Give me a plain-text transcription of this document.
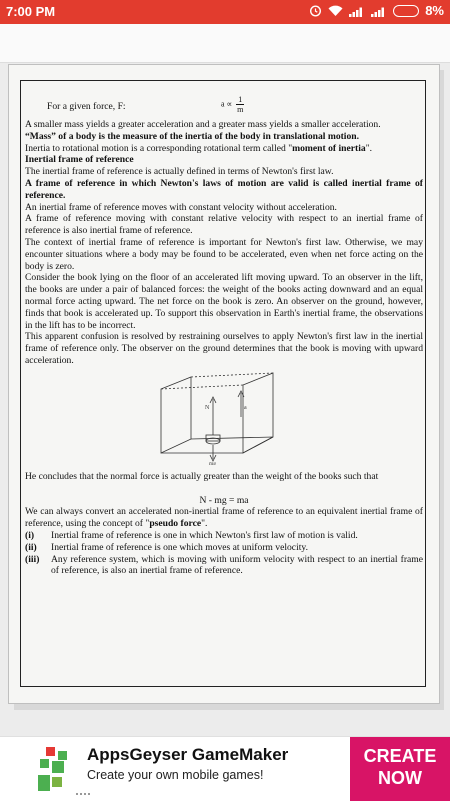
7:00 PM	8%
For a given force, F:	$a \propto \frac{1}{m}$

A smaller mass yields a greater acceleration and a greater mass yields a smaller acceleration.

“Mass” of a body is the measure of the inertia of the body in translational motion.

Inertia to rotational motion is a corresponding rotational term called "moment of inertia".

Inertial frame of reference

The inertial frame of reference is actually defined in terms of Newton's first law.

A frame of reference in which Newton's laws of motion are valid is called inertial frame of reference.

An inertial frame of reference moves with constant velocity without acceleration.

A frame of reference moving with constant relative velocity with respect to an inertial frame of reference is also inertial frame of reference.

The context of inertial frame of reference is important for Newton's first law. Otherwise, we may encounter situations where a body may be found to be accelerated, even when net force acting on the body is zero.

Consider the book lying on the floor of an accelerated lift moving upward. To an observer in the lift, the books are under a pair of balanced forces: the weight of the books acting downward and an equal normal force acting upward. The net force on the book is zero. An observer on the ground, however, finds that book is accelerated up. To support this observation in Earth's inertial frame, the observations in the lift has to be incorrect.

This apparent confusion is resolved by restraining ourselves to apply Newton's first law in the inertial frame of reference only. The observer on the ground determines that the book is moving with upward acceleration.

N	a
mg

He concludes that the normal force is actually greater than the weight of the books such that

N - mg = ma

We can always convert an accelerated non-inertial frame of reference to an equivalent inertial frame of reference, using the concept of "pseudo force".

(i)	Inertial frame of reference is one in which Newton's first law of motion is valid.
(ii)	Inertial frame of reference is one which moves at uniform velocity.
(iii)	Any reference system, which is moving with uniform velocity with respect to an inertial frame of reference, is also an inertial frame of reference.
AppsGeyser GameMaker
Create your own mobile games!
CREATE
NOW
